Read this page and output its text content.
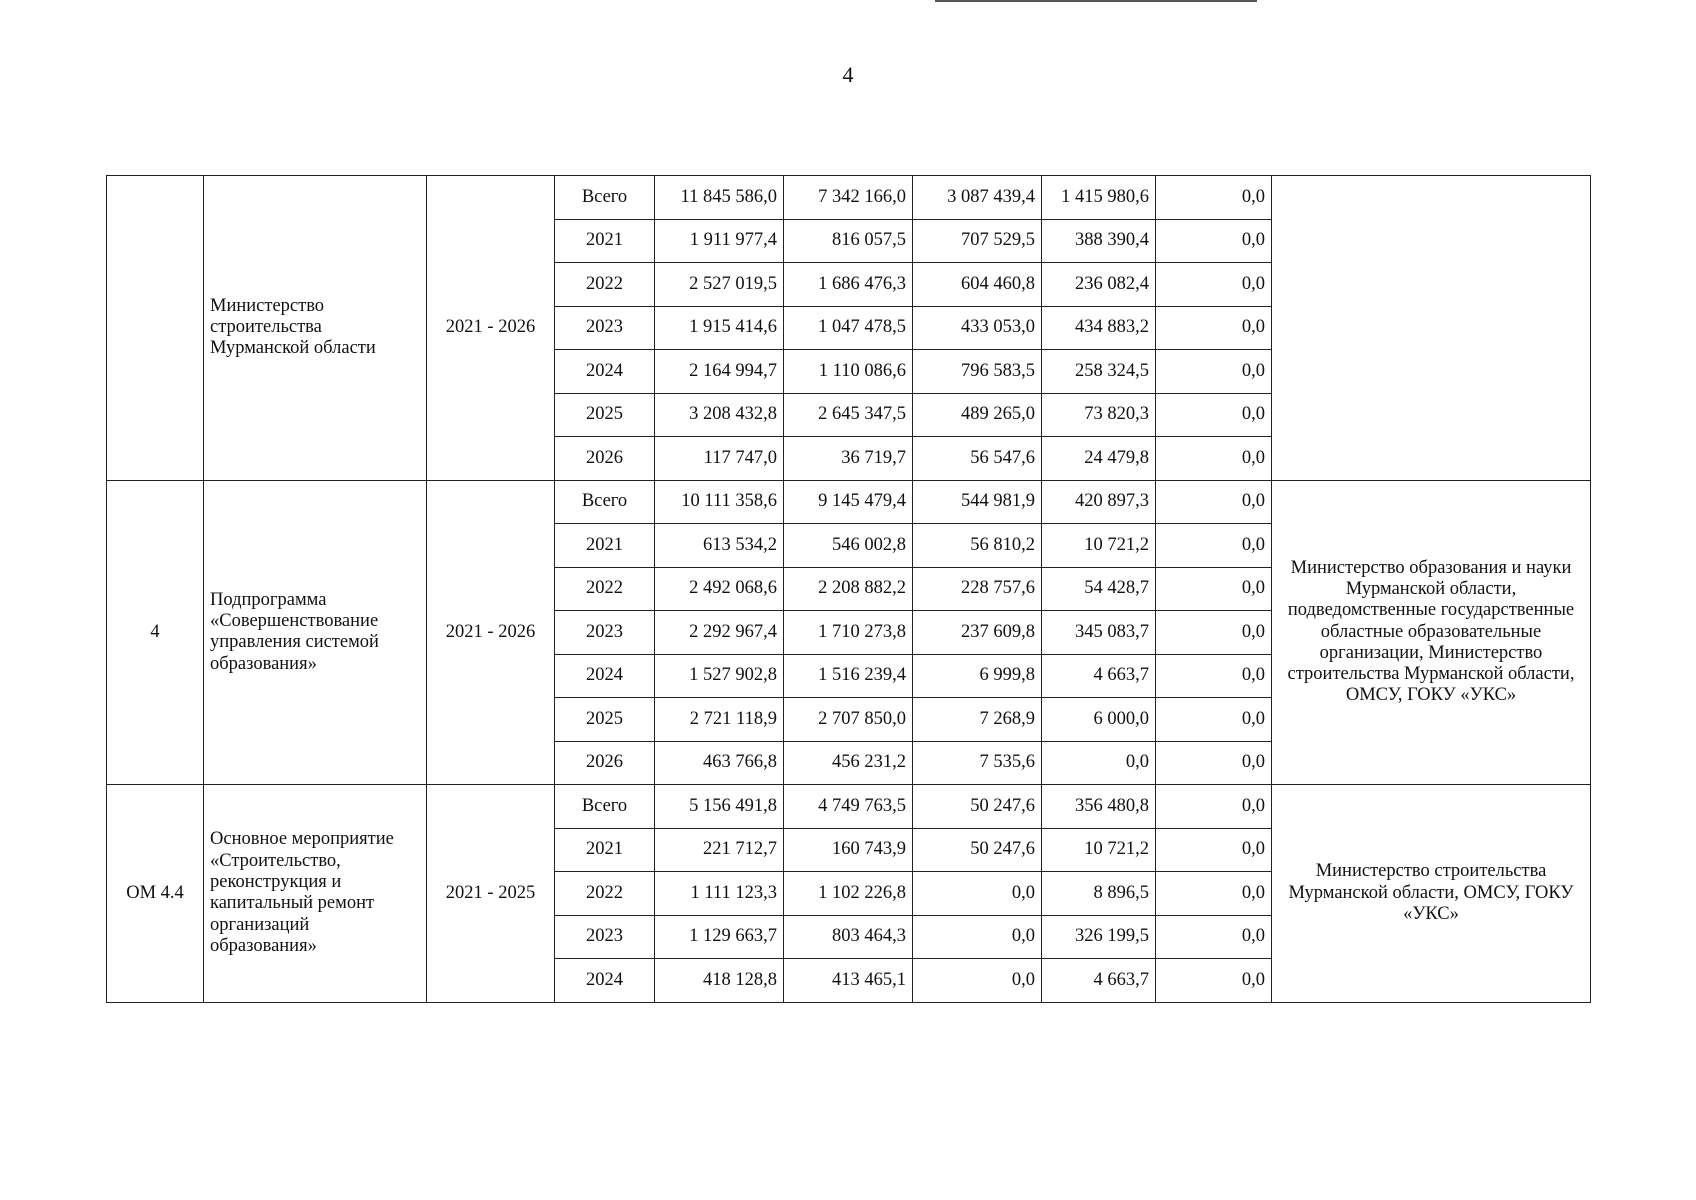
4
	Министерство строительства Мурманской области	2021 - 2026	Всего	11 845 586,0	7 342 166,0	3 087 439,4	1 415 980,6	0,0	
			2021	1 911 977,4	816 057,5	707 529,5	388 390,4	0,0	
			2022	2 527 019,5	1 686 476,3	604 460,8	236 082,4	0,0	
			2023	1 915 414,6	1 047 478,5	433 053,0	434 883,2	0,0	
			2024	2 164 994,7	1 110 086,6	796 583,5	258 324,5	0,0	
			2025	3 208 432,8	2 645 347,5	489 265,0	73 820,3	0,0	
			2026	117 747,0	36 719,7	56 547,6	24 479,8	0,0	
4	Подпрограмма «Совершенствование управления системой образования»	2021 - 2026	Всего	10 111 358,6	9 145 479,4	544 981,9	420 897,3	0,0	Министерство образования и науки Мурманской области, подведомственные государственные областные образовательные организации, Министерство строительства Мурманской области, ОМСУ, ГОКУ «УКС»
			2021	613 534,2	546 002,8	56 810,2	10 721,2	0,0	
			2022	2 492 068,6	2 208 882,2	228 757,6	54 428,7	0,0	
			2023	2 292 967,4	1 710 273,8	237 609,8	345 083,7	0,0	
			2024	1 527 902,8	1 516 239,4	6 999,8	4 663,7	0,0	
			2025	2 721 118,9	2 707 850,0	7 268,9	6 000,0	0,0	
			2026	463 766,8	456 231,2	7 535,6	0,0	0,0	
ОМ 4.4	Основное мероприятие «Строительство, реконструкция и капитальный ремонт организаций образования»	2021 - 2025	Всего	5 156 491,8	4 749 763,5	50 247,6	356 480,8	0,0	Министерство строительства Мурманской области, ОМСУ, ГОКУ «УКС»
			2021	221 712,7	160 743,9	50 247,6	10 721,2	0,0	
			2022	1 111 123,3	1 102 226,8	0,0	8 896,5	0,0	
			2023	1 129 663,7	803 464,3	0,0	326 199,5	0,0	
			2024	418 128,8	413 465,1	0,0	4 663,7	0,0	
